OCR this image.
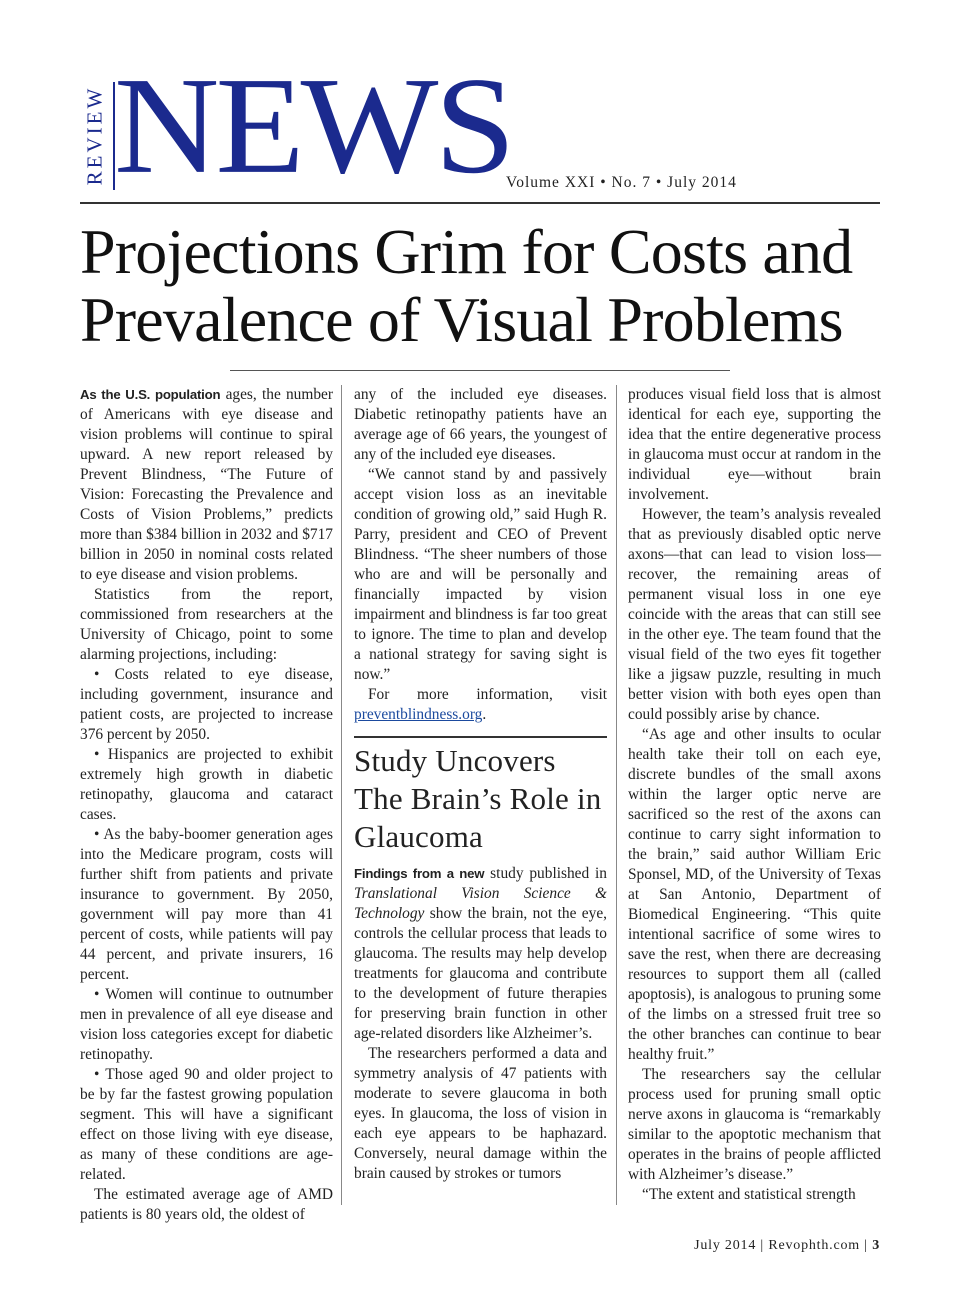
REVIEW NEWS
Volume XXI • No. 7 • July 2014
Projections Grim for Costs and Prevalence of Visual Problems

As the U.S. population ages, the number of Americans with eye disease and vision problems will continue to spiral upward. A new report released by Prevent Blindness, “The Future of Vision: Forecasting the Prevalence and Costs of Vision Problems,” predicts more than $384 billion in 2032 and $717 billion in 2050 in nominal costs related to eye disease and vision problems.

Statistics from the report, commissioned from researchers at the University of Chicago, point to some alarming projections, including:

• Costs related to eye disease, including government, insurance and patient costs, are projected to increase 376 percent by 2050.

• Hispanics are projected to exhibit extremely high growth in diabetic retinopathy, glaucoma and cataract cases.

• As the baby-boomer generation ages into the Medicare program, costs will further shift from patients and private insurance to government. By 2050, government will pay more than 41 percent of costs, while patients will pay 44 percent, and private insurers, 16 percent.

• Women will continue to outnumber men in prevalence of all eye disease and vision loss categories except for diabetic retinopathy.

• Those aged 90 and older project to be by far the fastest growing population segment. This will have a significant effect on those living with eye disease, as many of these conditions are age-related.

The estimated average age of AMD patients is 80 years old, the oldest of

any of the included eye diseases. Diabetic retinopathy patients have an average age of 66 years, the youngest of any of the included eye diseases.

“We cannot stand by and passively accept vision loss as an inevitable condition of growing old,” said Hugh R. Parry, president and CEO of Prevent Blindness. “The sheer numbers of those who are and will be personally and financially impacted by vision impairment and blindness is far too great to ignore. The time to plan and develop a national strategy for saving sight is now.”

For more information, visit preventblindness.org.

Study Uncovers The Brain’s Role in Glaucoma

Findings from a new study published in Translational Vision Science & Technology show the brain, not the eye, controls the cellular process that leads to glaucoma. The results may help develop treatments for glaucoma and contribute to the development of future therapies for preserving brain function in other age-related disorders like Alzheimer’s.

The researchers performed a data and symmetry analysis of 47 patients with moderate to severe glaucoma in both eyes. In glaucoma, the loss of vision in each eye appears to be haphazard. Conversely, neural damage within the brain caused by strokes or tumors

produces visual field loss that is almost identical for each eye, supporting the idea that the entire degenerative process in glaucoma must occur at random in the individual eye—without brain involvement.

However, the team’s analysis revealed that as previously disabled optic nerve axons—that can lead to vision loss—recover, the remaining areas of permanent visual loss in one eye coincide with the areas that can still see in the other eye. The team found that the visual field of the two eyes fit together like a jigsaw puzzle, resulting in much better vision with both eyes open than could possibly arise by chance.

“As age and other insults to ocular health take their toll on each eye, discrete bundles of the small axons within the larger optic nerve are sacrificed so the rest of the axons can continue to carry sight information to the brain,” said author William Eric Sponsel, MD, of the University of Texas at San Antonio, Department of Biomedical Engineering. “This quite intentional sacrifice of some wires to save the rest, when there are decreasing resources to support them all (called apoptosis), is analogous to pruning some of the limbs on a stressed fruit tree so the other branches can continue to bear healthy fruit.”

The researchers say the cellular process used for pruning small optic nerve axons in glaucoma is “remarkably similar to the apoptotic mechanism that operates in the brains of people afflicted with Alzheimer’s disease.”

“The extent and statistical strength

July 2014 | Revophth.com | 3
